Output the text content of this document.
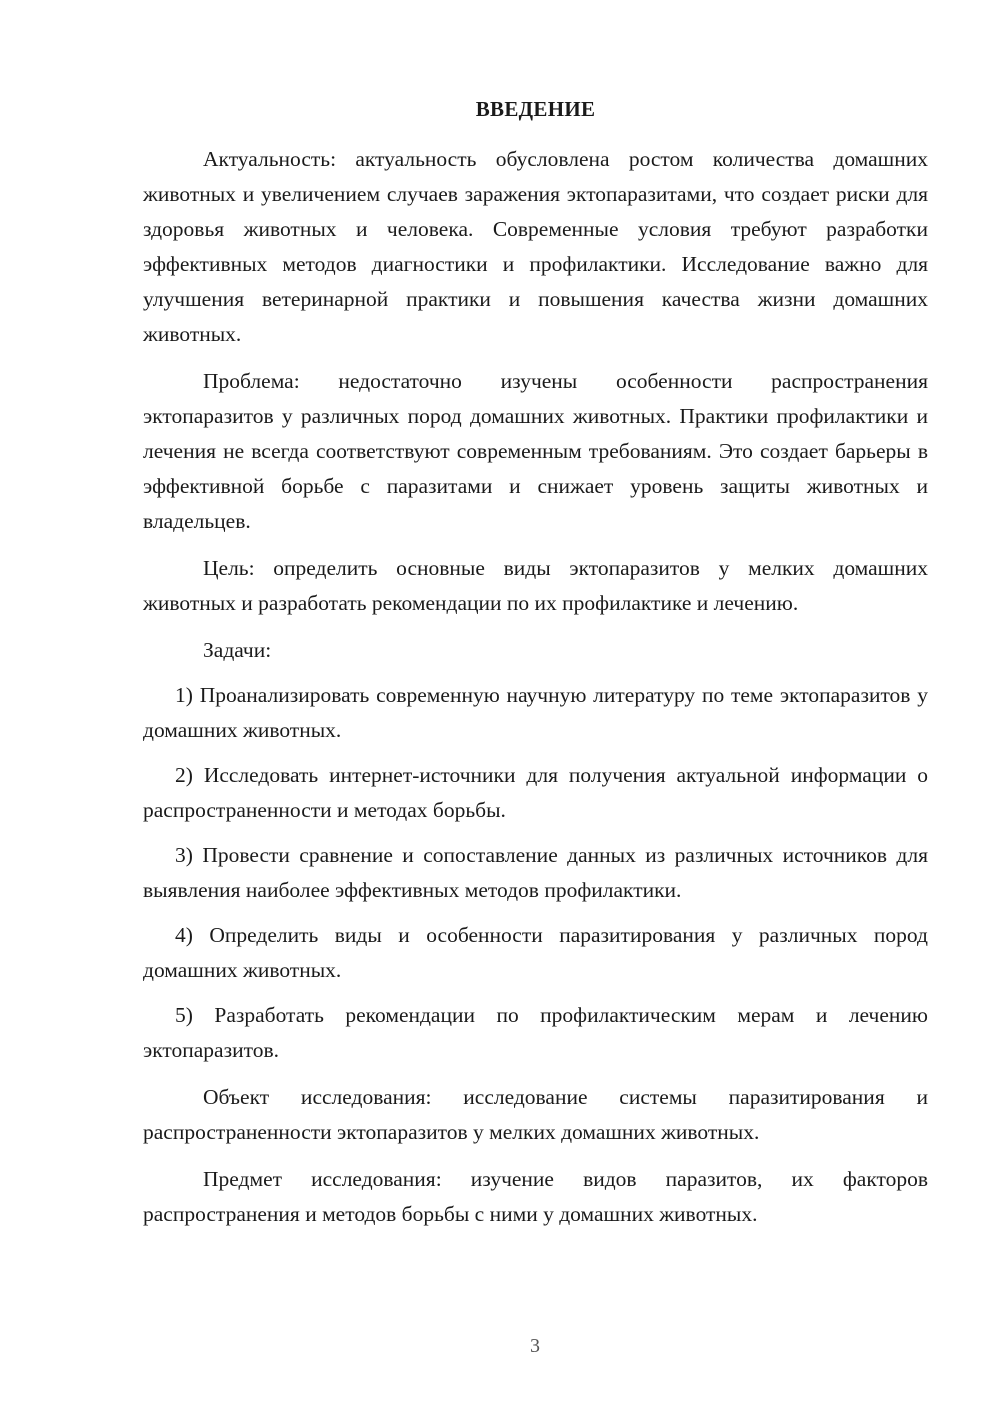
ВВЕДЕНИЕ

Актуальность: актуальность обусловлена ростом количества домашних животных и увеличением случаев заражения эктопаразитами, что создает риски для здоровья животных и человека. Современные условия требуют разработки эффективных методов диагностики и профилактики. Исследование важно для улучшения ветеринарной практики и повышения качества жизни домашних животных.

Проблема: недостаточно изучены особенности распространения эктопаразитов у различных пород домашних животных. Практики профилактики и лечения не всегда соответствуют современным требованиям. Это создает барьеры в эффективной борьбе с паразитами и снижает уровень защиты животных и владельцев.

Цель: определить основные виды эктопаразитов у мелких домашних животных и разработать рекомендации по их профилактике и лечению.

Задачи:

1) Проанализировать современную научную литературу по теме эктопаразитов у домашних животных.

2) Исследовать интернет-источники для получения актуальной информации о распространенности и методах борьбы.

3) Провести сравнение и сопоставление данных из различных источников для выявления наиболее эффективных методов профилактики.

4) Определить виды и особенности паразитирования у различных пород домашних животных.

5) Разработать рекомендации по профилактическим мерам и лечению эктопаразитов.

Объект исследования: исследование системы паразитирования и распространенности эктопаразитов у мелких домашних животных.

Предмет исследования: изучение видов паразитов, их факторов распространения и методов борьбы с ними у домашних животных.

3
